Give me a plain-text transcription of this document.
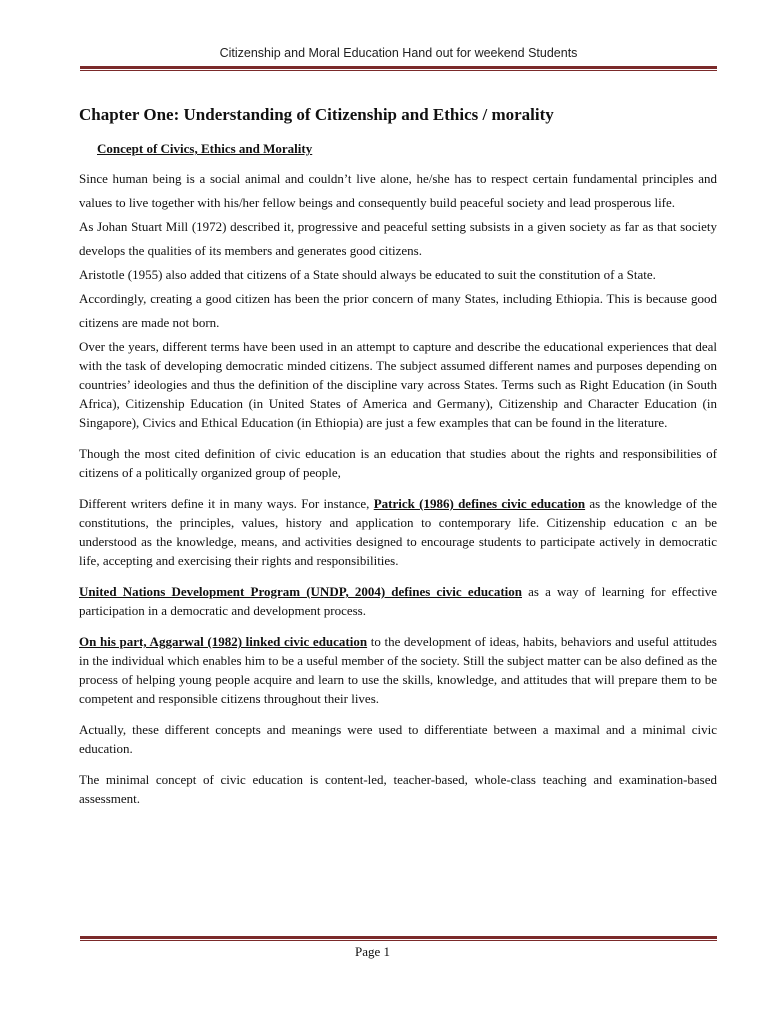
Citizenship and Moral Education Hand out for weekend Students
Chapter One: Understanding of Citizenship and Ethics / morality
Concept of Civics, Ethics and Morality

Since human being is a social animal and couldn’t live alone, he/she has to respect certain fundamental principles and values to live together with his/her fellow beings and consequently build peaceful society and lead prosperous life.

As Johan Stuart Mill (1972) described it, progressive and peaceful setting subsists in a given society as far as that society develops the qualities of its members and generates good citizens.

Aristotle (1955) also added that citizens of a State should always be educated to suit the constitution of a State.

Accordingly, creating a good citizen has been the prior concern of many States, including Ethiopia. This is because good citizens are made not born.

Over the years, different terms have been used in an attempt to capture and describe the educational experiences that deal with the task of developing democratic minded citizens. The subject assumed different names and purposes depending on countries’ ideologies and thus the definition of the discipline vary across States. Terms such as Right Education (in South Africa), Citizenship Education (in United States of America and Germany), Citizenship and Character Education (in Singapore), Civics and Ethical Education (in Ethiopia) are just a few examples that can be found in the literature.

Though the most cited definition of civic education is an education that studies about the rights and responsibilities of citizens of a politically organized group of people,

Different writers define it in many ways. For instance, Patrick (1986) defines civic education as the knowledge of the constitutions, the principles, values, history and application to contemporary life. Citizenship education c an be understood as the knowledge, means, and activities designed to encourage students to participate actively in democratic life, accepting and exercising their rights and responsibilities.

United Nations Development Program (UNDP, 2004) defines civic education as a way of learning for effective participation in a democratic and development process.

On his part, Aggarwal (1982) linked civic education to the development of ideas, habits, behaviors and useful attitudes in the individual which enables him to be a useful member of the society. Still the subject matter can be also defined as the process of helping young people acquire and learn to use the skills, knowledge, and attitudes that will prepare them to be competent and responsible citizens throughout their lives.

Actually, these different concepts and meanings were used to differentiate between a maximal and a minimal civic education.

The minimal concept of civic education is content-led, teacher-based, whole-class teaching and examination-based assessment.

Page 1
